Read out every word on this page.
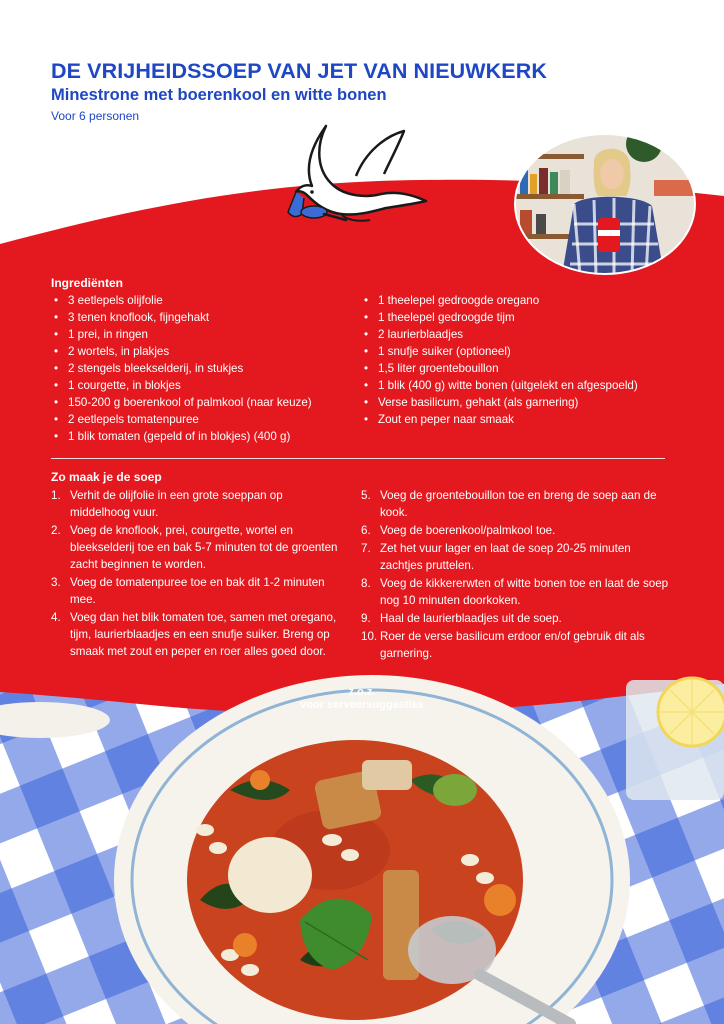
DE VRIJHEIDSSOEP VAN JET VAN NIEUWKERK
Minestrone met boerenkool en witte bonen

Voor 6 personen

Ingrediënten
• 3 eetlepels olijfolie
• 3 tenen knoflook, fijngehakt
• 1 prei, in ringen
• 2 wortels, in plakjes
• 2 stengels bleekselderij, in stukjes
• 1 courgette, in blokjes
• 150-200 g boerenkool of palmkool (naar keuze)
• 2 eetlepels tomatenpuree
• 1 blik tomaten (gepeld of in blokjes) (400 g)
• 1 theelepel gedroogde oregano
• 1 theelepel gedroogde tijm
• 2 laurierblaadjes
• 1 snufje suiker (optioneel)
• 1,5 liter groentebouillon
• 1 blik (400 g) witte bonen (uitgelekt en afgespoeld)
• Verse basilicum, gehakt (als garnering)
• Zout en peper naar smaak
Zo maak je de soep
1. Verhit de olijfolie in een grote soeppan op middelhoog vuur.
2. Voeg de knoflook, prei, courgette, wortel en bleekselderij toe en bak 5-7 minuten tot de groenten zacht beginnen te worden.
3. Voeg de tomatenpuree toe en bak dit 1-2 minuten mee.
4. Voeg dan het blik tomaten toe, samen met oregano, tijm, laurierblaadjes en een snufje suiker. Breng op smaak met zout en peper en roer alles goed door.
5. Voeg de groentebouillon toe en breng de soep aan de kook.
6. Voeg de boerenkool/palmkool toe.
7. Zet het vuur lager en laat de soep 20-25 minuten zachtjes pruttelen.
8. Voeg de kikkererwten of witte bonen toe en laat de soep nog 10 minuten doorkoken.
9. Haal de laurierblaadjes uit de soep.
10. Roer de verse basilicum erdoor en/of gebruik dit als garnering.

z.o.z.
voor serveersuggesties
